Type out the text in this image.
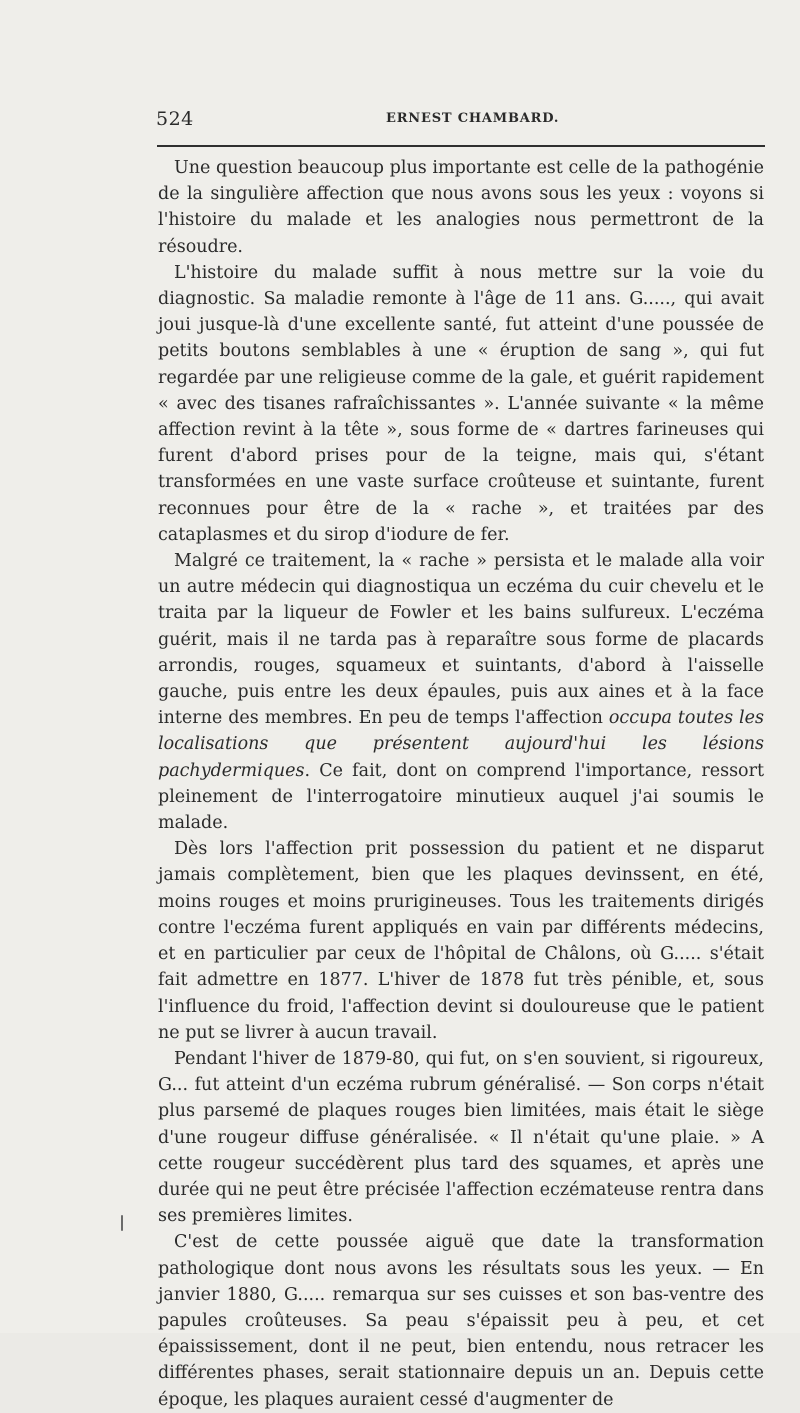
524	ERNEST CHAMBARD.

Une question beaucoup plus importante est celle de la pathogénie de la singulière affection que nous avons sous les yeux : voyons si l'histoire du malade et les analogies nous permettront de la résoudre.

L'histoire du malade suffit à nous mettre sur la voie du diagnostic. Sa maladie remonte à l'âge de 11 ans. G....., qui avait joui jusque-là d'une excellente santé, fut atteint d'une poussée de petits boutons semblables à une « éruption de sang », qui fut regardée par une religieuse comme de la gale, et guérit rapidement « avec des tisanes rafraîchissantes ». L'année suivante « la même affection revint à la tête », sous forme de « dartres farineuses qui furent d'abord prises pour de la teigne, mais qui, s'étant transformées en une vaste surface croûteuse et suintante, furent reconnues pour être de la « rache », et traitées par des cataplasmes et du sirop d'iodure de fer.

Malgré ce traitement, la « rache » persista et le malade alla voir un autre médecin qui diagnostiqua un eczéma du cuir chevelu et le traita par la liqueur de Fowler et les bains sulfureux. L'eczéma guérit, mais il ne tarda pas à reparaître sous forme de placards arrondis, rouges, squameux et suintants, d'abord à l'aisselle gauche, puis entre les deux épaules, puis aux aines et à la face interne des membres. En peu de temps l'affection occupa toutes les localisations que présentent aujourd'hui les lésions pachydermiques. Ce fait, dont on comprend l'importance, ressort pleinement de l'interrogatoire minutieux auquel j'ai soumis le malade.

Dès lors l'affection prit possession du patient et ne disparut jamais complètement, bien que les plaques devinssent, en été, moins rouges et moins prurigineuses. Tous les traitements dirigés contre l'eczéma furent appliqués en vain par différents médecins, et en particulier par ceux de l'hôpital de Châlons, où G..... s'était fait admettre en 1877. L'hiver de 1878 fut très pénible, et, sous l'influence du froid, l'affection devint si douloureuse que le patient ne put se livrer à aucun travail.

Pendant l'hiver de 1879-80, qui fut, on s'en souvient, si rigoureux, G... fut atteint d'un eczéma rubrum généralisé. — Son corps n'était plus parsemé de plaques rouges bien limitées, mais était le siège d'une rougeur diffuse généralisée. « Il n'était qu'une plaie. » A cette rougeur succédèrent plus tard des squames, et après une durée qui ne peut être précisée l'affection eczémateuse rentra dans ses premières limites.

C'est de cette poussée aiguë que date la transformation pathologique dont nous avons les résultats sous les yeux. — En janvier 1880, G..... remarqua sur ses cuisses et son bas-ventre des papules croûteuses. Sa peau s'épaissit peu à peu, et cet épaississement, dont il ne peut, bien entendu, nous retracer les différentes phases, serait stationnaire depuis un an. Depuis cette époque, les plaques auraient cessé d'augmenter de
